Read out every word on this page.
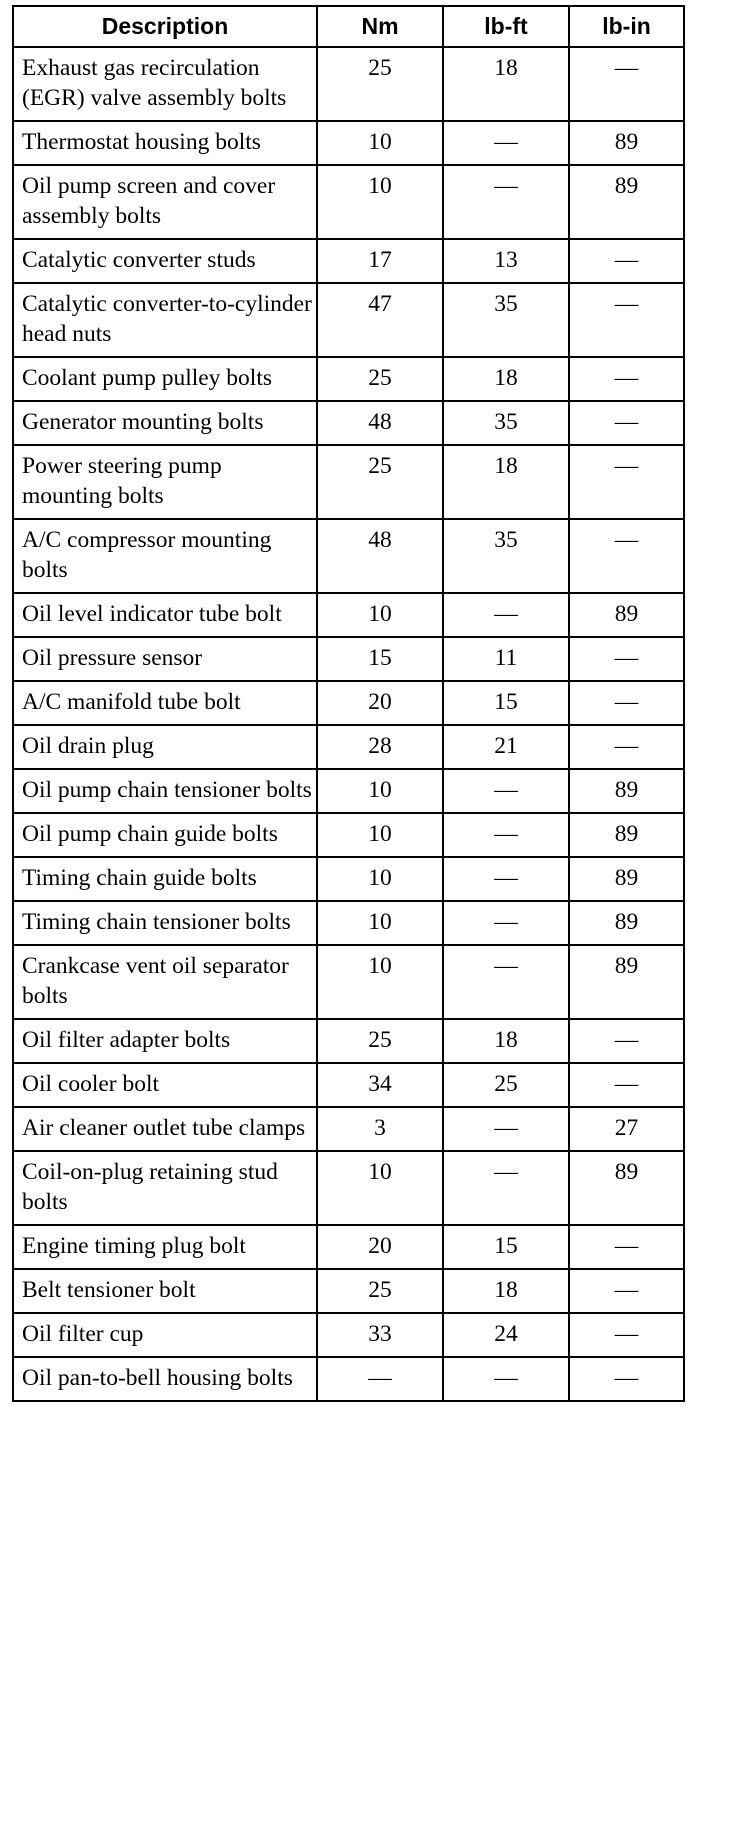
Description	Nm	lb-ft	lb-in
Exhaust gas recirculation (EGR) valve assembly bolts	25	18	—
Thermostat housing bolts	10	—	89
Oil pump screen and cover assembly bolts	10	—	89
Catalytic converter studs	17	13	—
Catalytic converter-to-cylinder head nuts	47	35	—
Coolant pump pulley bolts	25	18	—
Generator mounting bolts	48	35	—
Power steering pump mounting bolts	25	18	—
A/C compressor mounting bolts	48	35	—
Oil level indicator tube bolt	10	—	89
Oil pressure sensor	15	11	—
A/C manifold tube bolt	20	15	—
Oil drain plug	28	21	—
Oil pump chain tensioner bolts	10	—	89
Oil pump chain guide bolts	10	—	89
Timing chain guide bolts	10	—	89
Timing chain tensioner bolts	10	—	89
Crankcase vent oil separator bolts	10	—	89
Oil filter adapter bolts	25	18	—
Oil cooler bolt	34	25	—
Air cleaner outlet tube clamps	3	—	27
Coil-on-plug retaining stud bolts	10	—	89
Engine timing plug bolt	20	15	—
Belt tensioner bolt	25	18	—
Oil filter cup	33	24	—
Oil pan-to-bell housing bolts	—	—	—
